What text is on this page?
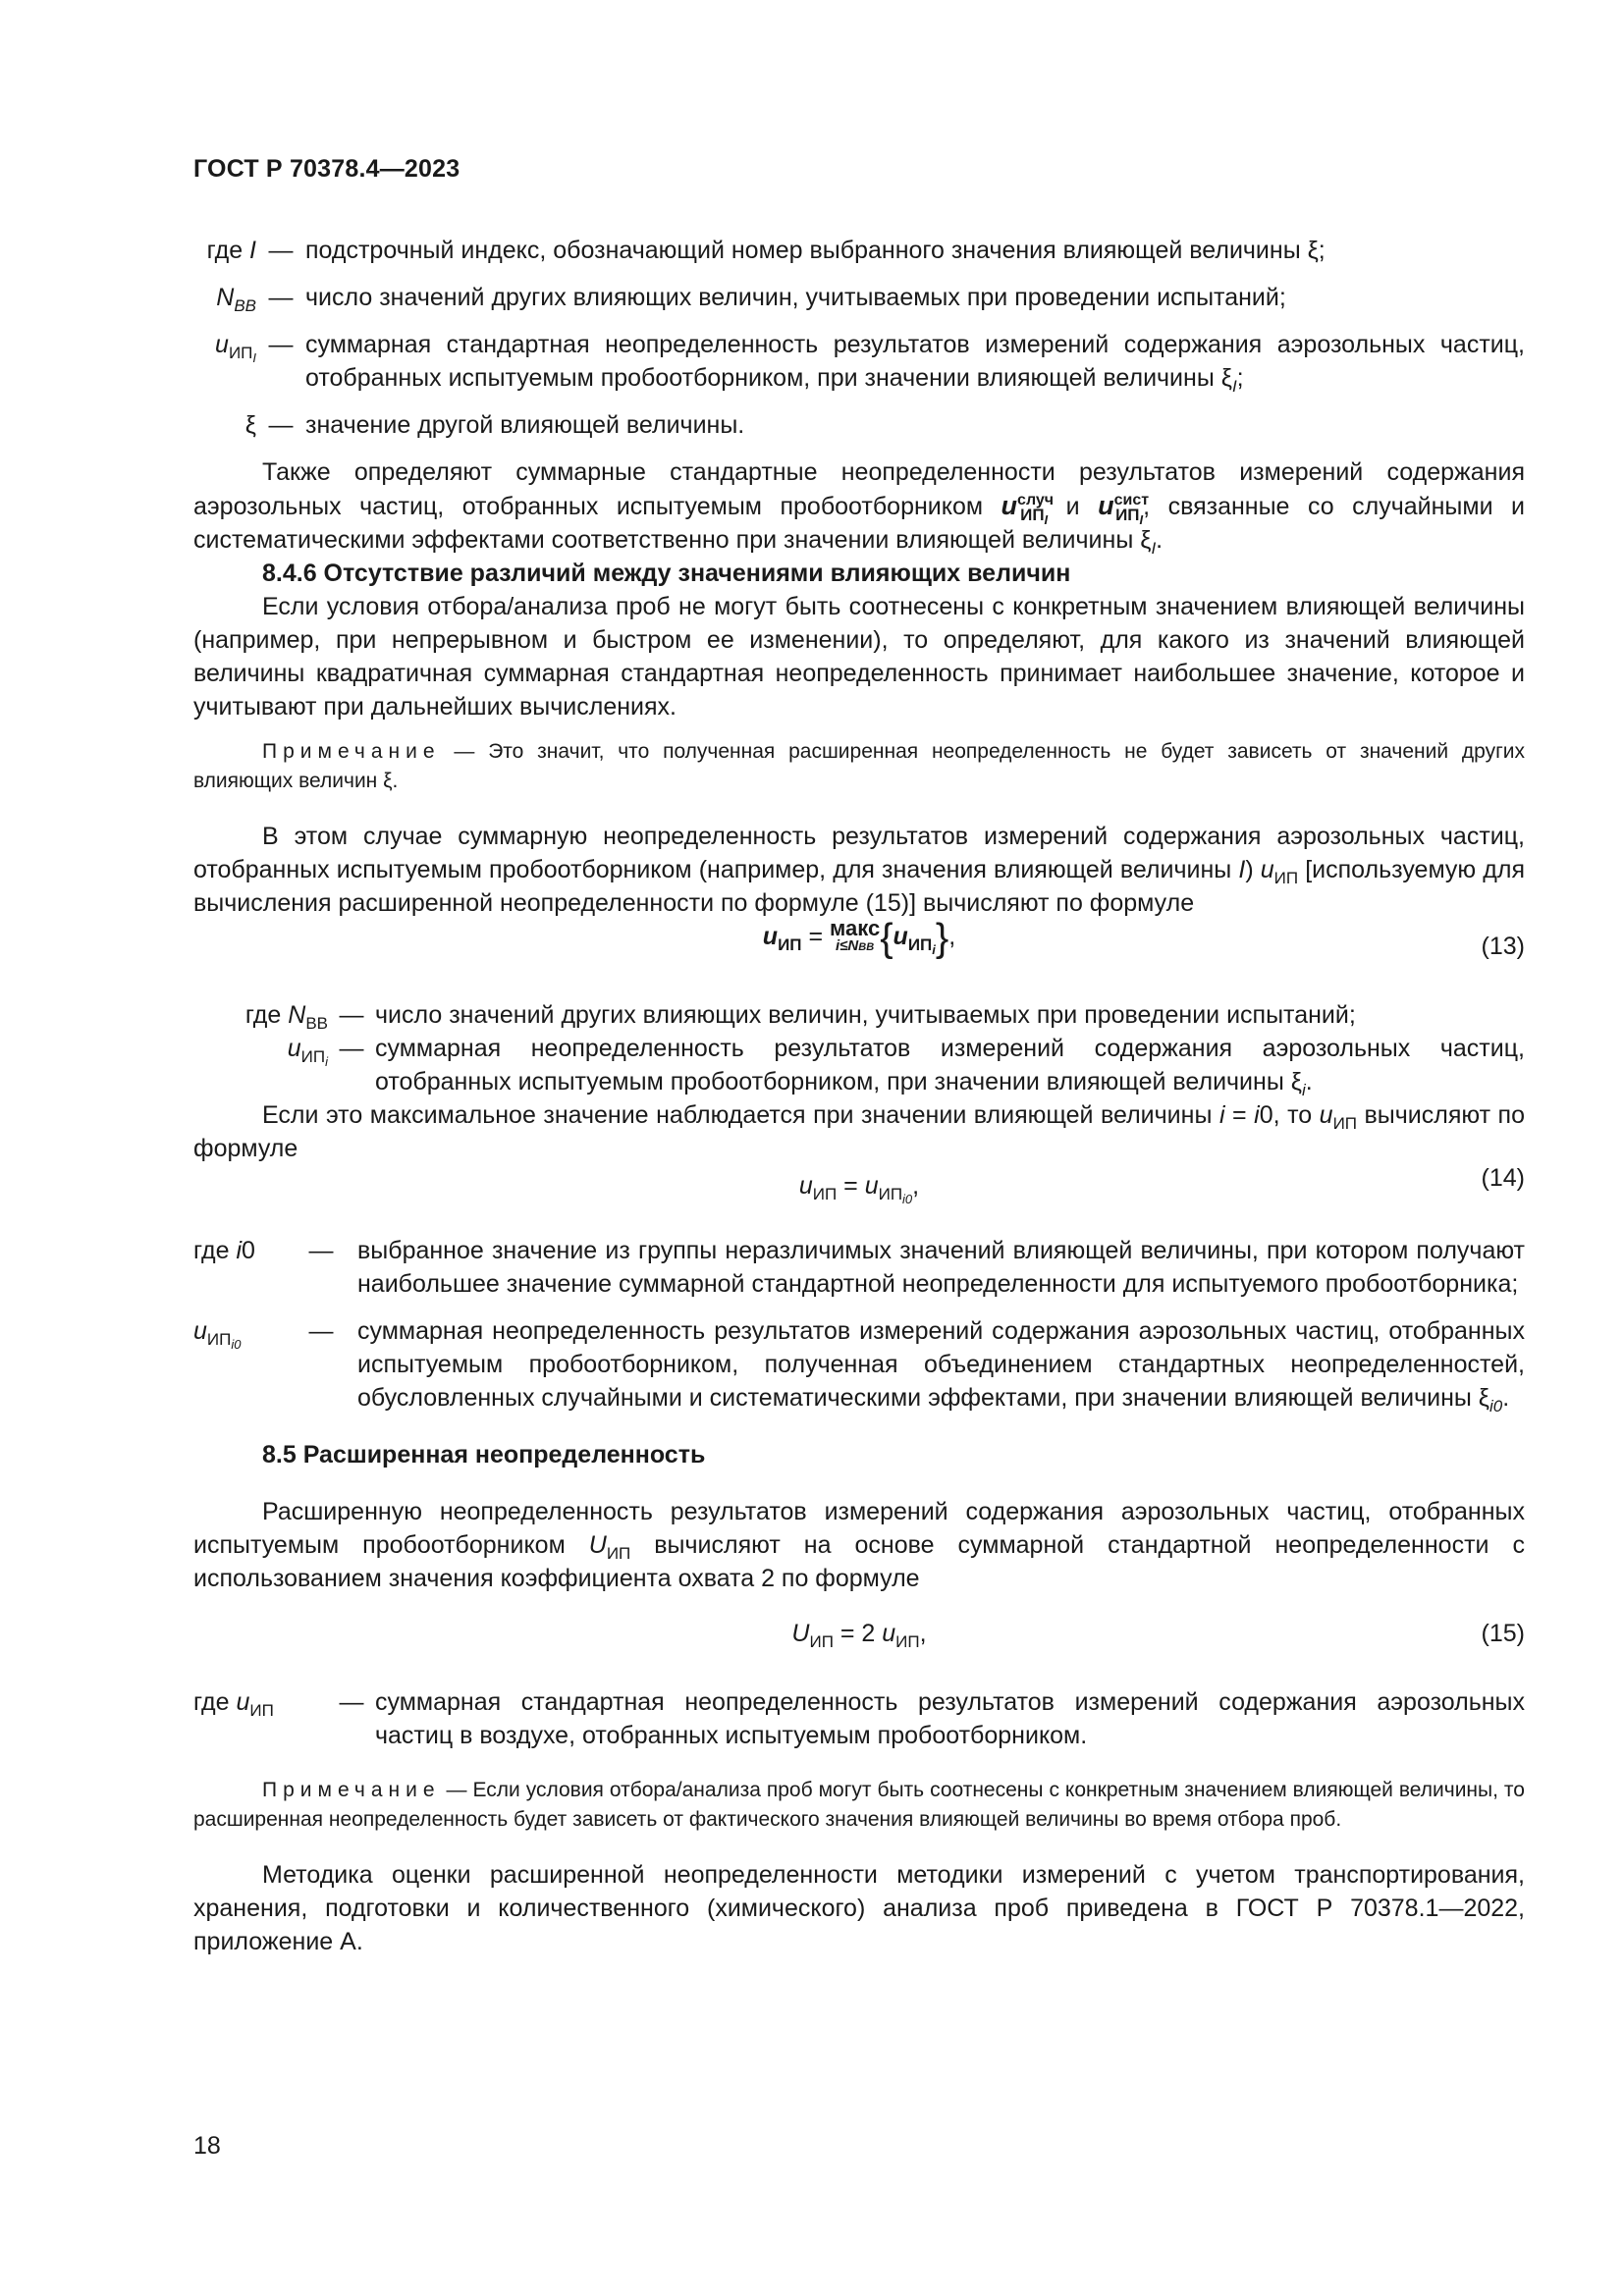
ГОСТ Р 70378.4—2023
где I — подстрочный индекс, обозначающий номер выбранного значения влияющей величины ξ;
$N_{ВВ}$ — число значений других влияющих величин, учитываемых при проведении испытаний;
$u_{ИП_I}$ — суммарная стандартная неопределенность результатов измерений содержания аэрозольных частиц, отобранных испытуемым пробоотборником, при значении влияющей величины $\xi_I$;
ξ — значение другой влияющей величины.

Также определяют суммарные стандартные неопределенности результатов измерений содержания аэрозольных частиц, отобранных испытуемым пробоотборником $u^{случ}_{ИП_I}$ и $u^{сист}_{ИП_I}$, связанные со случайными и систематическими эффектами соответственно при значении влияющей величины $\xi_I$.

8.4.6 Отсутствие различий между значениями влияющих величин

Если условия отбора/анализа проб не могут быть соотнесены с конкретным значением влияющей величины (например, при непрерывном и быстром ее изменении), то определяют, для какого из значений влияющей величины квадратичная суммарная стандартная неопределенность принимает наибольшее значение, которое и учитывают при дальнейших вычислениях.

Примечание — Это значит, что полученная расширенная неопределенность не будет зависеть от значений других влияющих величин ξ.

В этом случае суммарную неопределенность результатов измерений содержания аэрозольных частиц, отобранных испытуемым пробоотборником (например, для значения влияющей величины I) $u_{ИП}$ [используемую для вычисления расширенной неопределенности по формуле (15)] вычисляют по формуле

$u_{ИП}$ = макс
i≤NВВ $\{u_{ИП_i}\}$,	(13)
где $N_{ВВ}$ — число значений других влияющих величин, учитываемых при проведении испытаний;
$u_{ИП_i}$ — суммарная неопределенность результатов измерений содержания аэрозольных частиц, отобранных испытуемым пробоотборником, при значении влияющей величины $\xi_i$.

Если это максимальное значение наблюдается при значении влияющей величины i = i0, то $u_{ИП}$ вычисляют по формуле

$u_{ИП} = u_{ИП_{i0}}$,	(14)
где i0	— выбранное значение из группы неразличимых значений влияющей величины, при котором получают наибольшее значение суммарной стандартной неопределенности для испытуемого пробоотборника;
$u_{ИП_{i0}}$	— суммарная неопределенность результатов измерений содержания аэрозольных частиц, отобранных испытуемым пробоотборником, полученная объединением стандартных неопределенностей, обусловленных случайными и систематическими эффектами, при значении влияющей величины $\xi_{i0}$.
8.5 Расширенная неопределенность

Расширенную неопределенность результатов измерений содержания аэрозольных частиц, отобранных испытуемым пробоотборником $U_{ИП}$ вычисляют на основе суммарной стандартной неопределенности с использованием значения коэффициента охвата 2 по формуле

$U_{ИП} = 2$ $u_{ИП}$,	(15)
где $u_{ИП}$	— суммарная стандартная неопределенность результатов измерений содержания аэрозольных частиц в воздухе, отобранных испытуемым пробоотборником.

Примечание — Если условия отбора/анализа проб могут быть соотнесены с конкретным значением влияющей величины, то расширенная неопределенность будет зависеть от фактического значения влияющей величины во время отбора проб.

Методика оценки расширенной неопределенности методики измерений с учетом транспортирования, хранения, подготовки и количественного (химического) анализа проб приведена в ГОСТ Р 70378.1—2022, приложение А.

18
